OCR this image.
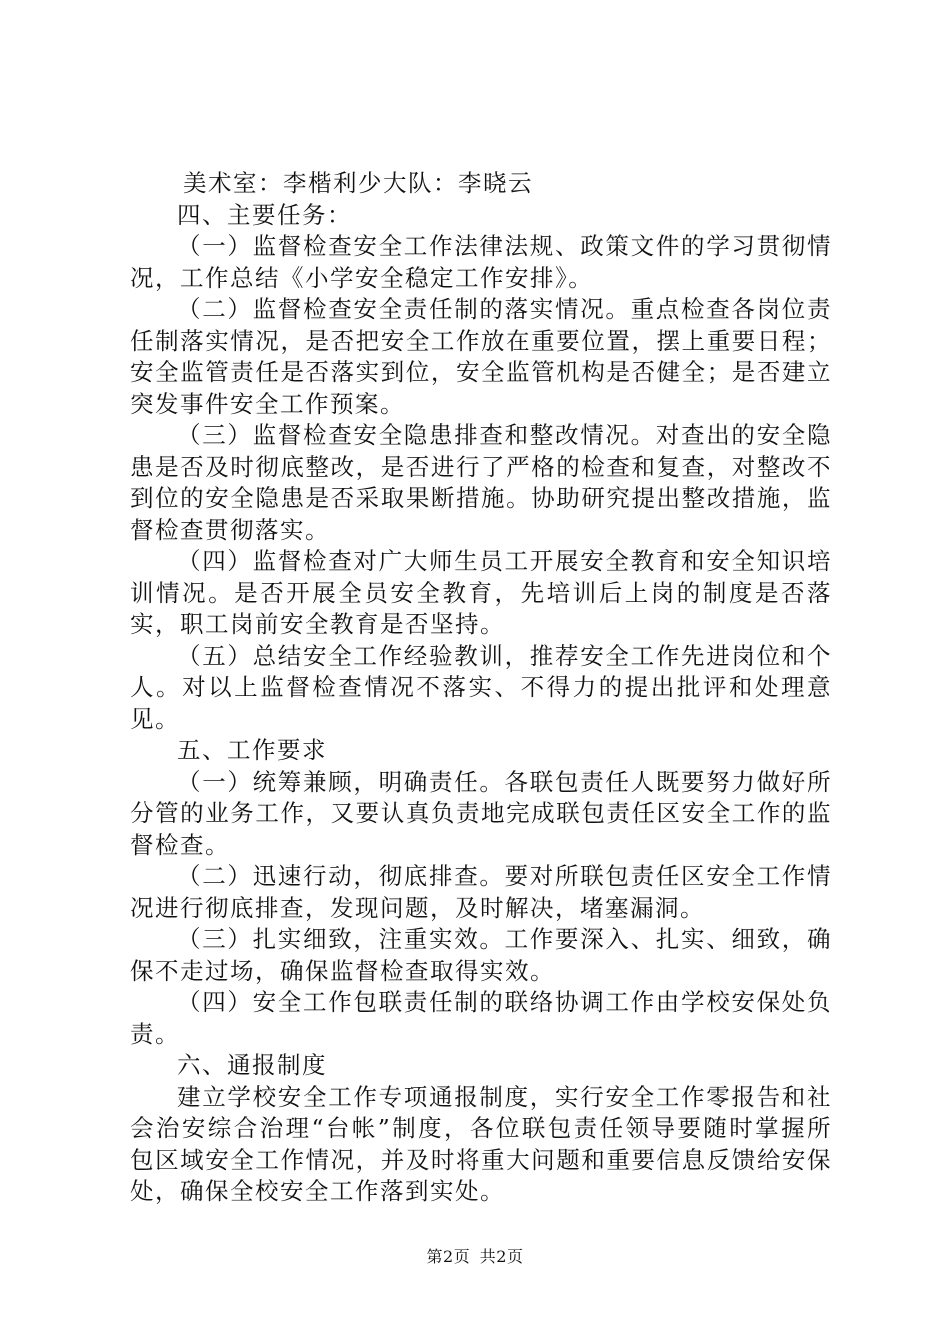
美术室：李楷利少大队：李晓云

四、主要任务：

（一）监督检查安全工作法律法规、政策文件的学习贯彻情况，工作总结《小学安全稳定工作安排》。

（二）监督检查安全责任制的落实情况。重点检查各岗位责任制落实情况，是否把安全工作放在重要位置，摆上重要日程；安全监管责任是否落实到位，安全监管机构是否健全；是否建立突发事件安全工作预案。

（三）监督检查安全隐患排查和整改情况。对查出的安全隐患是否及时彻底整改，是否进行了严格的检查和复查，对整改不到位的安全隐患是否采取果断措施。协助研究提出整改措施，监督检查贯彻落实。

（四）监督检查对广大师生员工开展安全教育和安全知识培训情况。是否开展全员安全教育，先培训后上岗的制度是否落实，职工岗前安全教育是否坚持。

（五）总结安全工作经验教训，推荐安全工作先进岗位和个人。对以上监督检查情况不落实、不得力的提出批评和处理意见。

五、工作要求

（一）统筹兼顾，明确责任。各联包责任人既要努力做好所分管的业务工作，又要认真负责地完成联包责任区安全工作的监督检查。

（二）迅速行动，彻底排查。要对所联包责任区安全工作情况进行彻底排查，发现问题，及时解决，堵塞漏洞。

（三）扎实细致，注重实效。工作要深入、扎实、细致，确保不走过场，确保监督检查取得实效。

（四）安全工作包联责任制的联络协调工作由学校安保处负责。

六、通报制度

建立学校安全工作专项通报制度，实行安全工作零报告和社会治安综合治理“台帐”制度，各位联包责任领导要随时掌握所包区域安全工作情况，并及时将重大问题和重要信息反馈给安保处，确保全校安全工作落到实处。

第2页 共2页
